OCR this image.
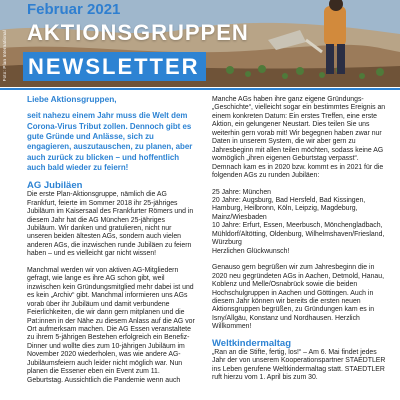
Foto: Plan International
Februar 2021
AKTIONSGRUPPEN
NEWSLETTER

Liebe Aktionsgruppen,

seit nahezu einem Jahr muss die Welt dem Corona-Virus Tribut zollen. Dennoch gibt es gute Gründe und Anlässe, sich zu engagieren, auszutauschen, zu planen, aber auch zurück zu blicken – und hoffentlich auch bald wieder zu feiern!

AG Jubiläen

Die erste Plan-Aktionsgruppe, nämlich die AG Frankfurt, feierte im Sommer 2018 ihr 25-jähriges Jubiläum im Kaisersaal des Frankfurter Römers und in diesem Jahr hat die AG München 25-jähriges Jubiläum. Wir danken und gratulieren, nicht nur unseren beiden ältesten AGs, sondern auch vielen anderen AGs, die inzwischen runde Jubiläen zu feiern haben – und es vielleicht gar nicht wissen!

Manchmal werden wir von aktiven AG-Mitgliedern gefragt, wie lange es ihre AG schon gibt, weil inzwischen kein Gründungsmitglied mehr dabei ist und es kein „Archiv“ gibt. Manchmal informieren uns AGs vorab über ihr Jubiläum und damit verbundene Feierlichkeiten, die wir dann gern mitplanen und die Pat:innen in der Nähe zu diesem Anlass auf die AG vor Ort aufmerksam machen. Die AG Essen veranstaltete zu ihrem 5-jährigen Bestehen erfolgreich ein Benefiz-Dinner und wollte dies zum 10-jährigen Jubiläum im November 2020 wiederholen, was wie andere AG-Jubiläumsfeiern auch leider nicht möglich war. Nun planen die Essener eben ein Event zum 11. Geburtstag. Aussichtlich die Pandemie wenn auch

Manche AGs haben ihre ganz eigene Gründungs-„Geschichte“, vielleicht sogar ein bestimmtes Ereignis an einem konkreten Datum: Ein erstes Treffen, eine erste Aktion, ein gelungener Neustart. Dies teilen Sie uns weiterhin gern vorab mit! Wir begegnen haben zwar nur Daten in unserem System, die wir aber gern zu Jahresbeginn mit allen teilen möchten, sodass keine AG womöglich „ihren eigenen Geburtstag verpasst“. Demnach kam es in 2020 bzw. kommt es in 2021 für die folgenden AGs zu runden Jubiläen:

25 Jahre: München
20 Jahre: Augsburg, Bad Hersfeld, Bad Kissingen, Hamburg, Heilbronn, Köln, Leipzig, Magdeburg, Mainz/Wiesbaden
10 Jahre: Erfurt, Essen, Meerbusch, Mönchengladbach, Mühldorf/Altötting, Oldenburg, Wilhelmshaven/Friesland, Würzburg
Herzlichen Glückwunsch!

Genauso gern begrüßen wir zum Jahresbeginn die in 2020 neu gegründeten AGs in Aachen, Detmold, Hanau, Koblenz und Melle/Osnabrück sowie die beiden Hochschulgruppen in Aachen und Göttingen. Auch in diesem Jahr können wir bereits die ersten neuen Aktionsgruppen begrüßen, zu Gründungen kam es in Isny/Allgäu, Konstanz und Nordhausen. Herzlich Willkommen!

Weltkindermaltag

„Ran an die Stifte, fertig, los!“ – Am 6. Mai findet jedes Jahr der von unserem Kooperationspartner STAEDTLER ins Leben gerufene Weltkindermaltag statt. STAEDTLER ruft hierzu vom 1. April bis zum 30.
